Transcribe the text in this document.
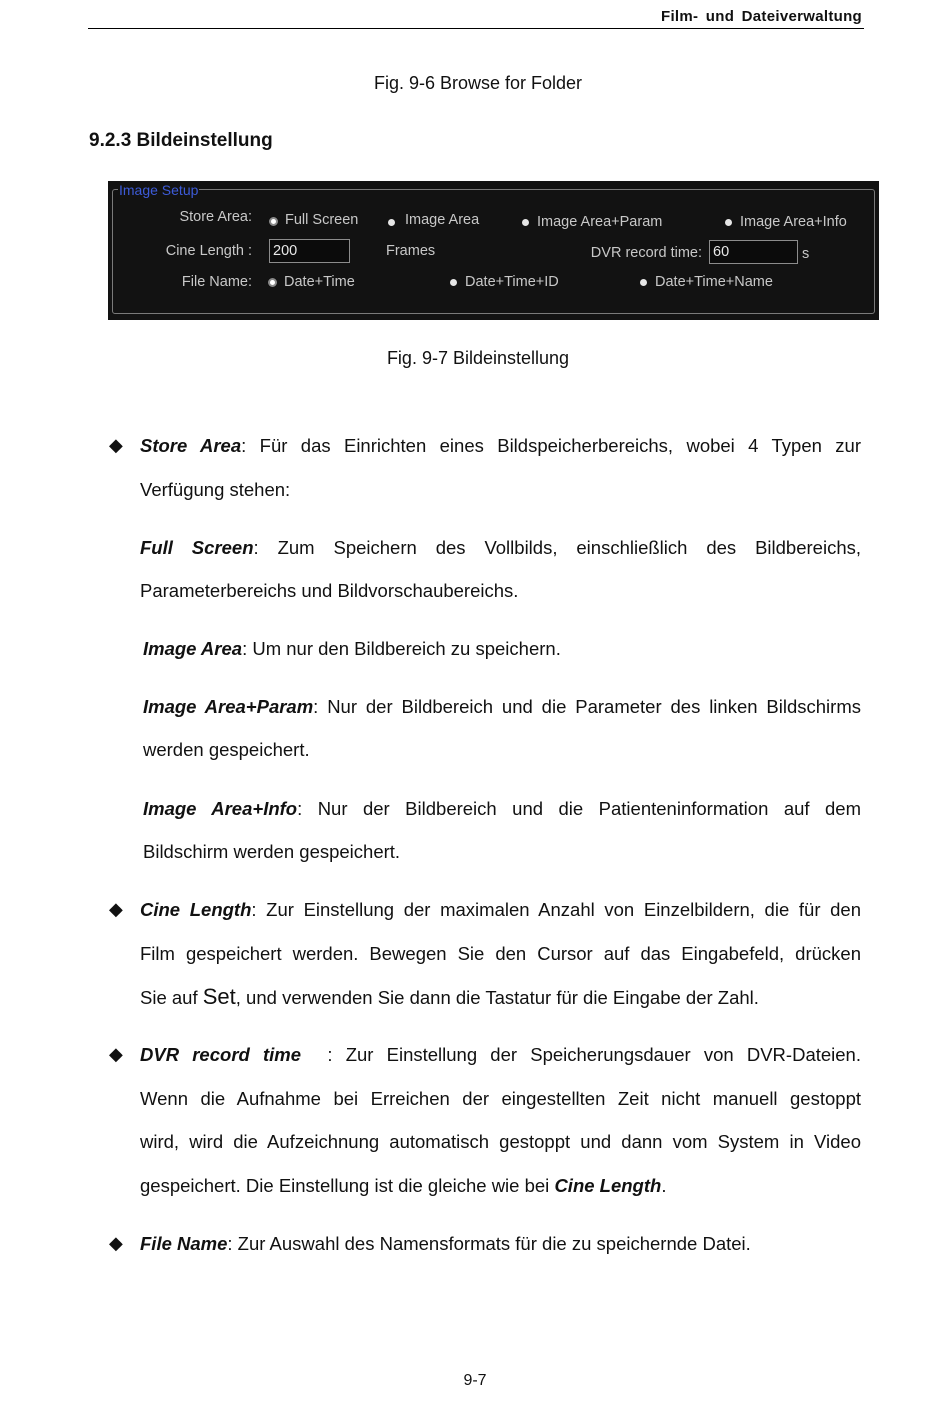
Film- und Dateiverwaltung
Fig. 9-6 Browse for Folder
9.2.3 Bildeinstellung
Image Setup
Store Area: Full Screen	Image Area	Image Area+Param	Image Area+Info
Cine Length : 200	Frames	DVR record time: 60	s
File Name: Date+Time	Date+Time+ID	Date+Time+Name
Fig. 9-7 Bildeinstellung
◆ Store Area: Für das Einrichten eines Bildspeicherbereichs, wobei 4 Typen zur
Verfügung stehen:
Full Screen: Zum Speichern des Vollbilds, einschließlich des Bildbereichs,
Parameterbereichs und Bildvorschaubereichs.
Image Area: Um nur den Bildbereich zu speichern.
Image Area+Param: Nur der Bildbereich und die Parameter des linken Bildschirms
werden gespeichert.
Image Area+Info: Nur der Bildbereich und die Patienteninformation auf dem
Bildschirm werden gespeichert.
◆ Cine Length: Zur Einstellung der maximalen Anzahl von Einzelbildern, die für den
Film gespeichert werden. Bewegen Sie den Cursor auf das Eingabefeld, drücken
Sie auf Set, und verwenden Sie dann die Tastatur für die Eingabe der Zahl.
◆ DVR record time  : Zur Einstellung der Speicherungsdauer von DVR-Dateien.
Wenn die Aufnahme bei Erreichen der eingestellten Zeit nicht manuell gestoppt
wird, wird die Aufzeichnung automatisch gestoppt und dann vom System in Video
gespeichert. Die Einstellung ist die gleiche wie bei Cine Length.
◆ File Name: Zur Auswahl des Namensformats für die zu speichernde Datei.
9-7
